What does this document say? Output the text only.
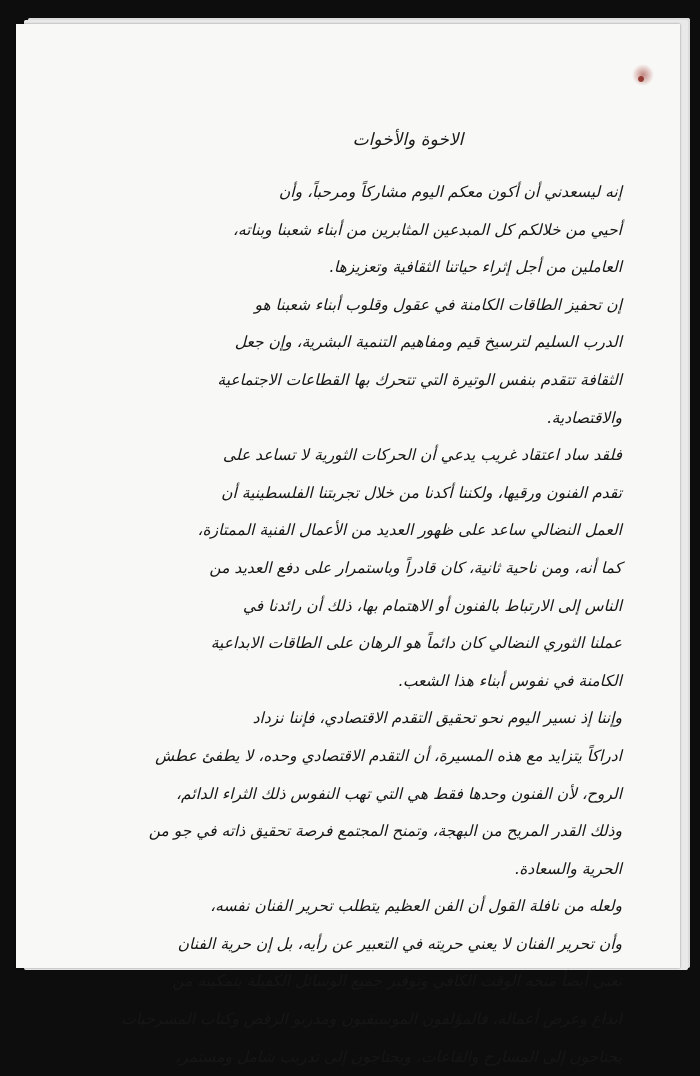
الاخوة والأخوات
إنه ليسعدني أن أكون معكم اليوم مشاركاً ومرحباً، وأن
أحيي من خلالكم كل المبدعين المثابرين من أبناء شعبنا وبناته،
العاملين من أجل إثراء حياتنا الثقافية وتعزيزها.
إن تحفيز الطاقات الكامنة في عقول وقلوب أبناء شعبنا هو
الدرب السليم لترسيخ قيم ومفاهيم التنمية البشرية، وإن جعل
الثقافة تتقدم بنفس الوتيرة التي تتحرك بها القطاعات الاجتماعية
والاقتصادية.
فلقد ساد اعتقاد غريب يدعي أن الحركات الثورية لا تساعد على
تقدم الفنون ورقيها، ولكننا أكدنا من خلال تجربتنا الفلسطينية أن
العمل النضالي ساعد على ظهور العديد من الأعمال الفنية الممتازة،
كما أنه، ومن ناحية ثانية، كان قادراً وباستمرار على دفع العديد من
الناس إلى الارتباط بالفنون أو الاهتمام بها، ذلك أن رائدنا في
عملنا الثوري النضالي كان دائماً هو الرهان على الطاقات الابداعية
الكامنة في نفوس أبناء هذا الشعب.
وإننا إذ نسير اليوم نحو تحقيق التقدم الاقتصادي، فإننا نزداد
ادراكاً يتزايد مع هذه المسيرة، أن التقدم الاقتصادي وحده، لا يطفئ عطش
الروح، لأن الفنون وحدها فقط هي التي تهب النفوس ذلك الثراء الدائم،
وذلك القدر المريح من البهجة، وتمنح المجتمع فرصة تحقيق ذاته في جو من
الحرية والسعادة.
ولعله من نافلة القول أن الفن العظيم يتطلب تحرير الفنان نفسه،
وأن تحرير الفنان لا يعني حريته في التعبير عن رأيه، بل إن حرية الفنان
تعني أيضاً منحه الوقت الكافي وتوفير جميع الوسائل الكفيلة بتمكينه من
ابداع وعرض أعماله، فالمؤلفون الموسيقيون ومدربو الرقص وكتاب المسرحيات
يحتاجون إلى المسارح والقاعات، ويحتاجون إلى تدريب شامل ومستمر،
